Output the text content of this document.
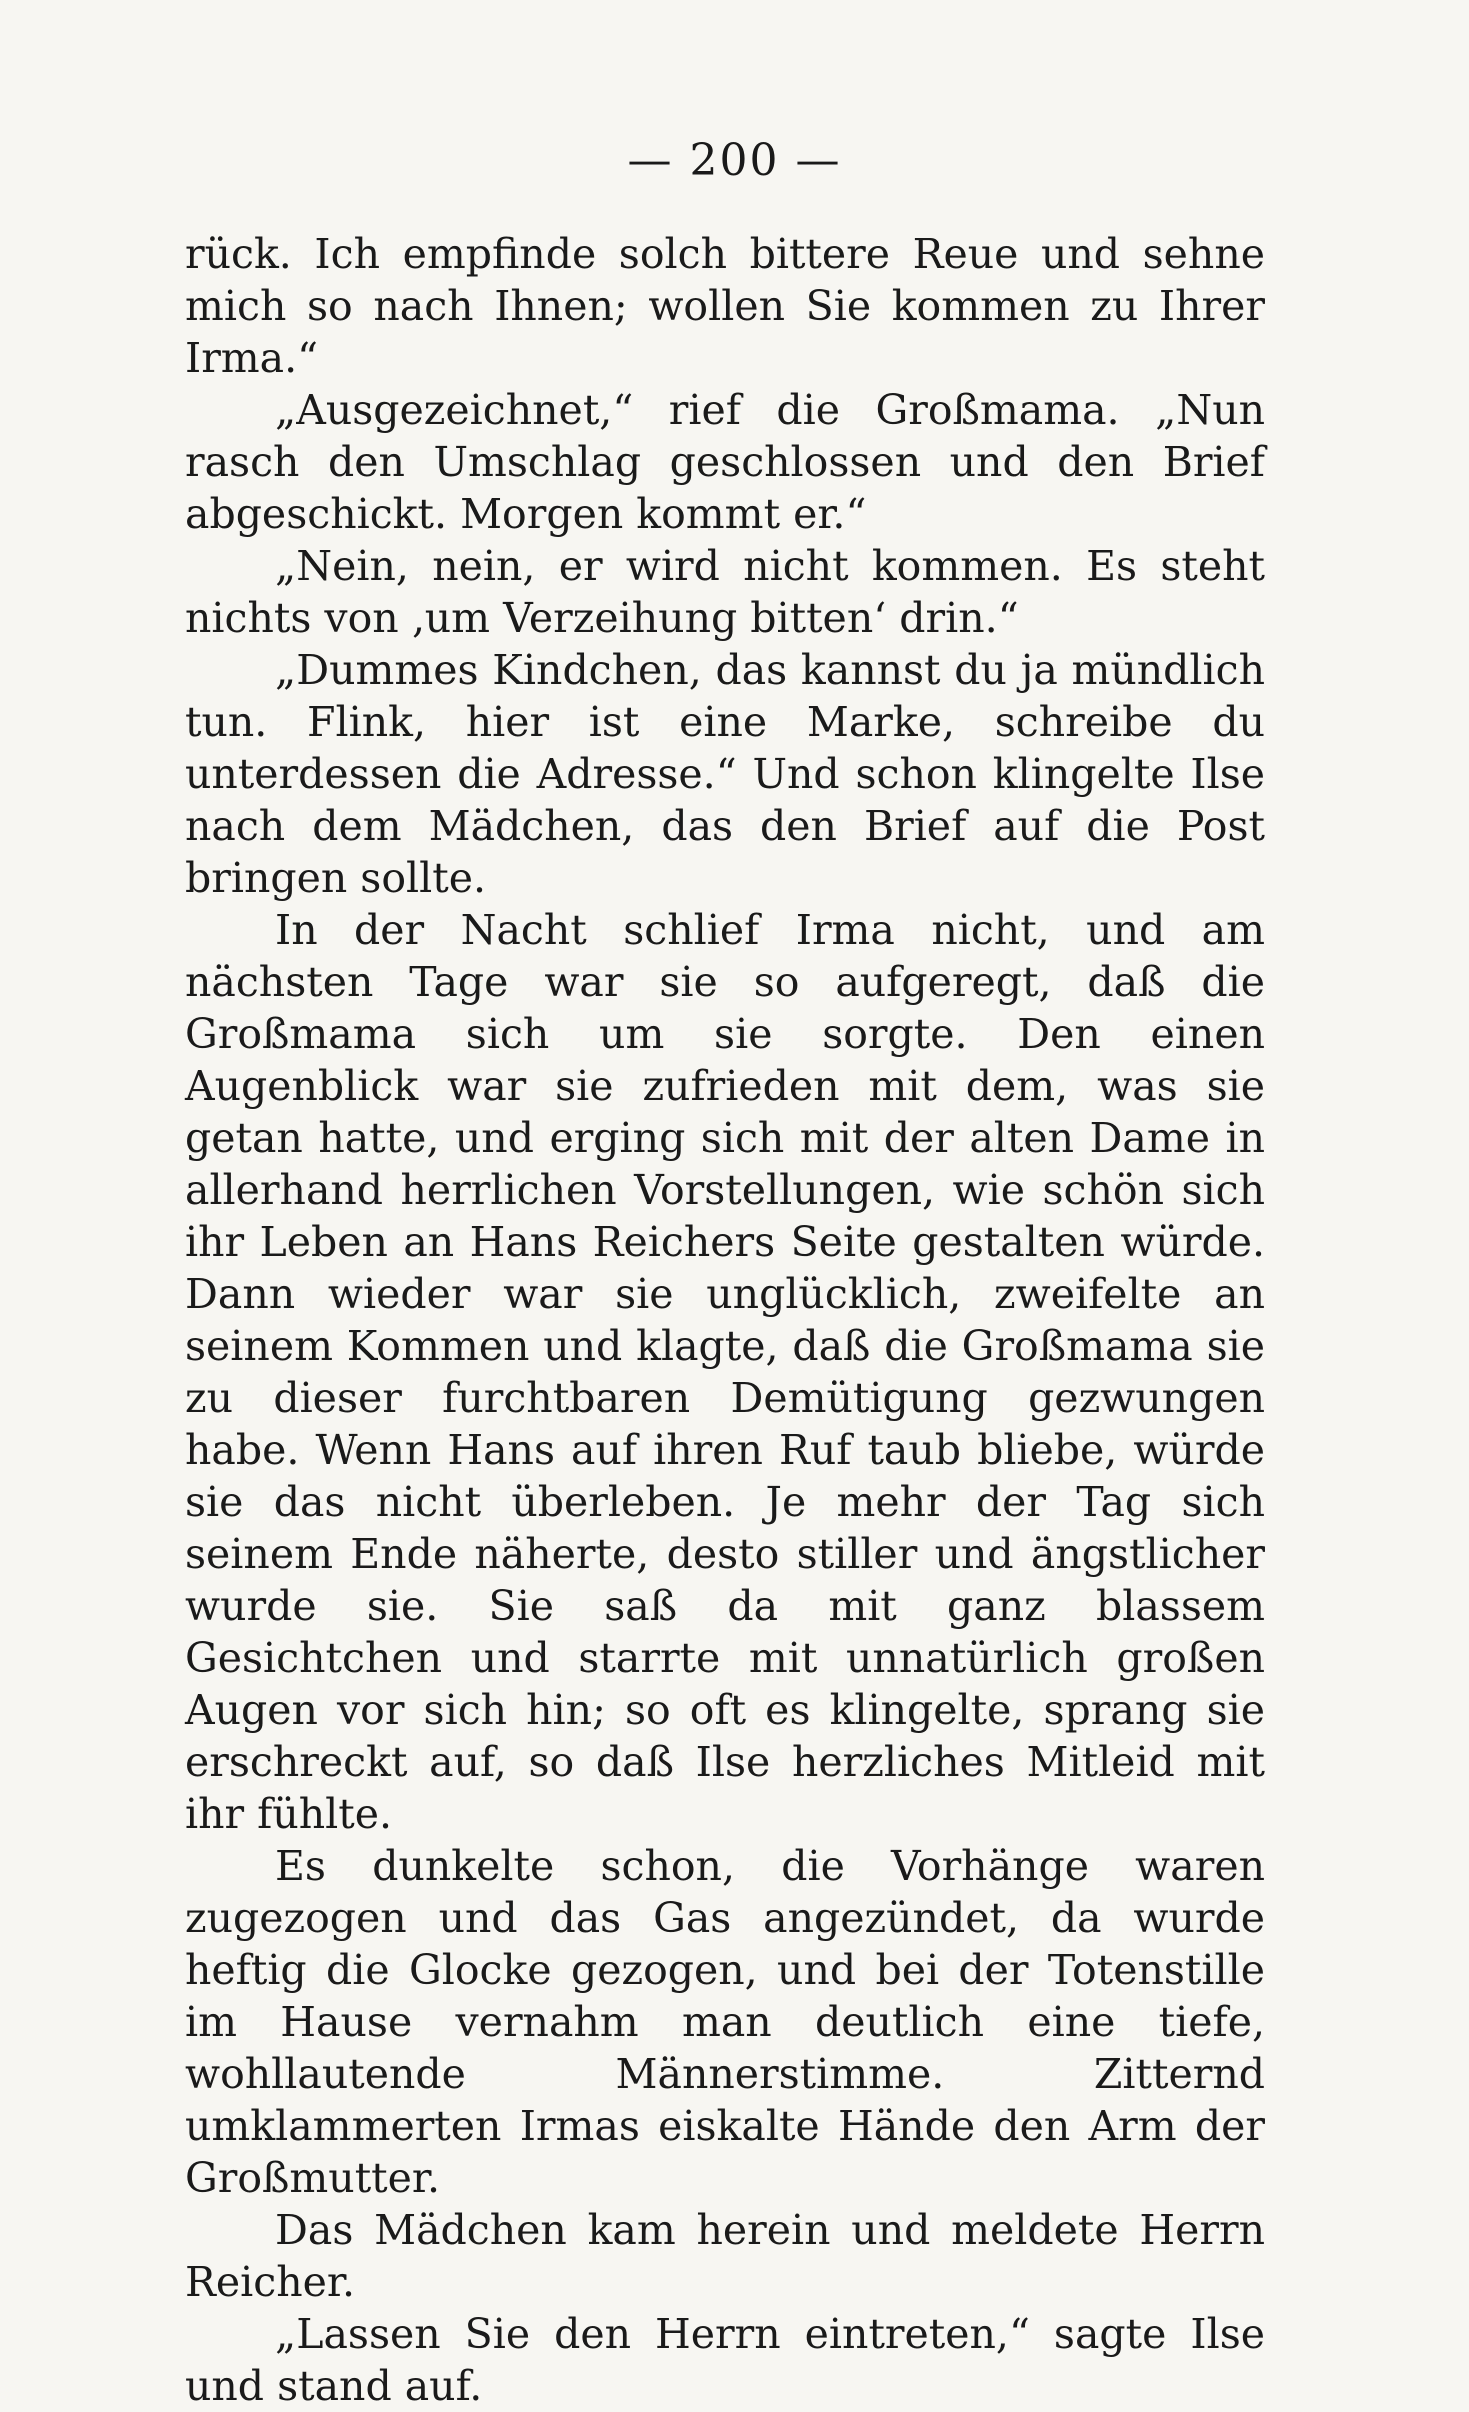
— 200 —

rück. Ich empfinde solch bittere Reue und sehne mich so nach Ihnen; wollen Sie kommen zu Ihrer Irma.“

„Ausgezeichnet,“ rief die Großmama. „Nun rasch den Umschlag geschlossen und den Brief abgeschickt. Morgen kommt er.“

„Nein, nein, er wird nicht kommen. Es steht nichts von ‚um Verzeihung bitten‘ drin.“

„Dummes Kindchen, das kannst du ja mündlich tun. Flink, hier ist eine Marke, schreibe du unterdessen die Adresse.“ Und schon klingelte Ilse nach dem Mädchen, das den Brief auf die Post bringen sollte.

In der Nacht schlief Irma nicht, und am nächsten Tage war sie so aufgeregt, daß die Großmama sich um sie sorgte. Den einen Augenblick war sie zufrieden mit dem, was sie getan hatte, und erging sich mit der alten Dame in allerhand herrlichen Vorstellungen, wie schön sich ihr Leben an Hans Reichers Seite gestalten würde. Dann wieder war sie unglücklich, zweifelte an seinem Kommen und klagte, daß die Großmama sie zu dieser furchtbaren Demütigung gezwungen habe. Wenn Hans auf ihren Ruf taub bliebe, würde sie das nicht überleben. Je mehr der Tag sich seinem Ende näherte, desto stiller und ängstlicher wurde sie. Sie saß da mit ganz blassem Gesichtchen und starrte mit unnatürlich großen Augen vor sich hin; so oft es klingelte, sprang sie erschreckt auf, so daß Ilse herzliches Mitleid mit ihr fühlte.

Es dunkelte schon, die Vorhänge waren zugezogen und das Gas angezündet, da wurde heftig die Glocke gezogen, und bei der Totenstille im Hause vernahm man deutlich eine tiefe, wohllautende Männerstimme. Zitternd umklammerten Irmas eiskalte Hände den Arm der Großmutter.

Das Mädchen kam herein und meldete Herrn Reicher.

„Lassen Sie den Herrn eintreten,“ sagte Ilse und stand auf.
